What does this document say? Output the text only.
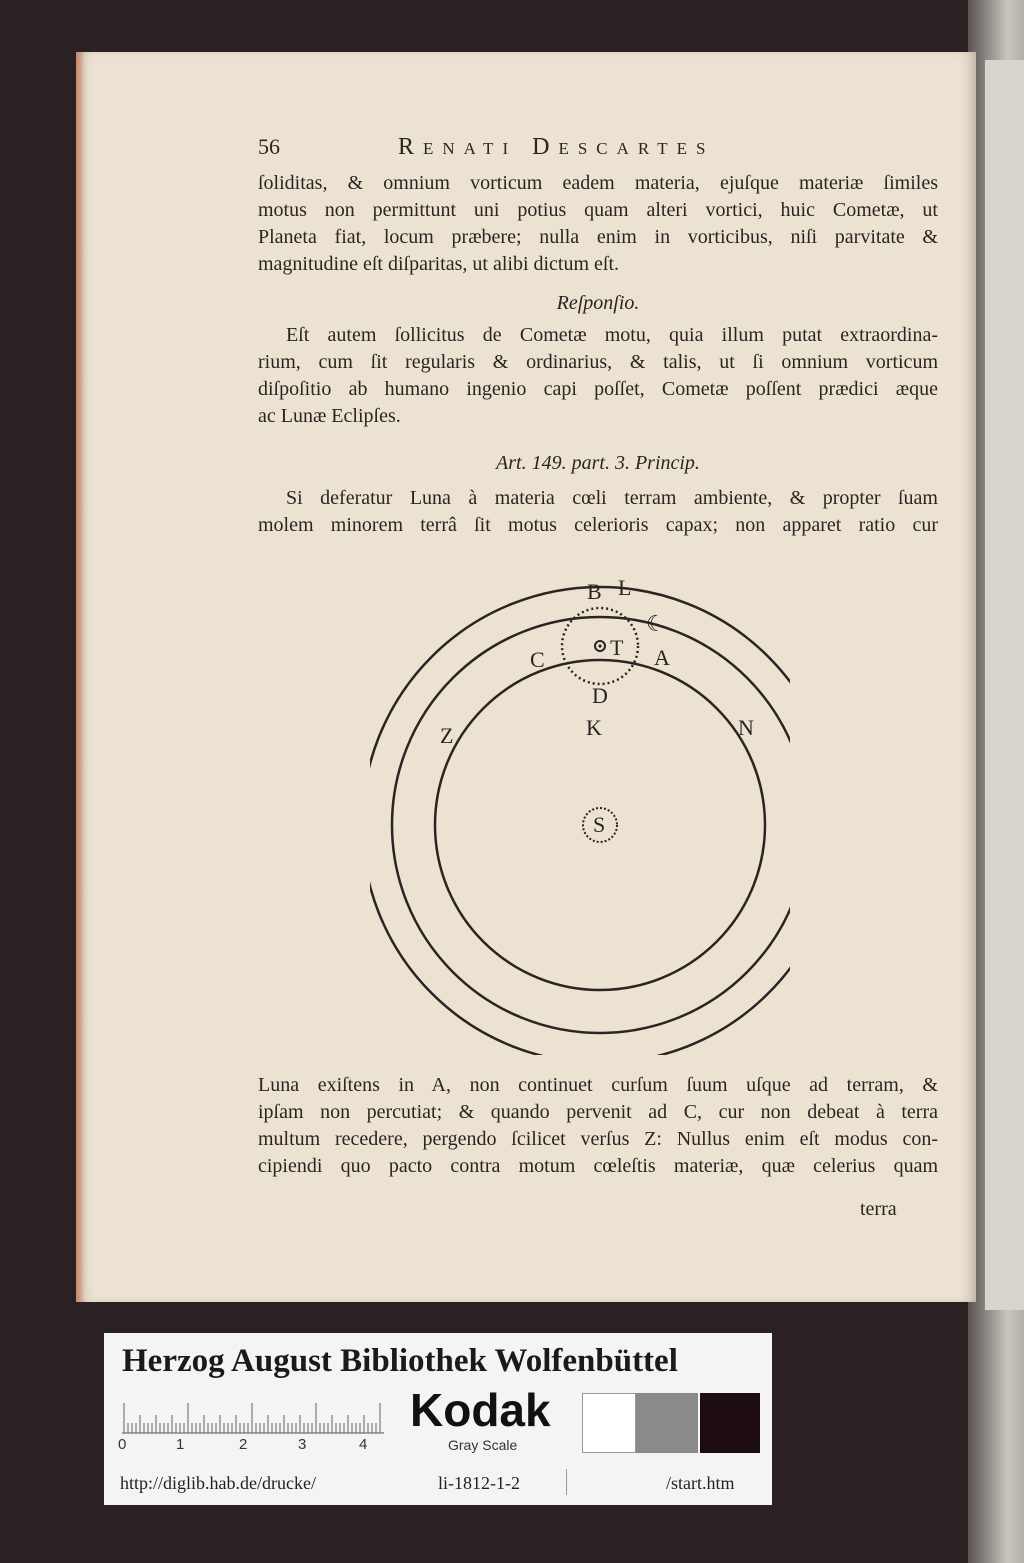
56	Renati Descartes
ſoliditas, & omnium vorticum eadem materia, ejuſque materiæ ſimiles
motus non permittunt uni potius quam alteri vortici, huic Cometæ, ut
Planeta fiat, locum præbere; nulla enim in vorticibus, niſi parvitate &
magnitudine eſt diſparitas, ut alibi dictum eſt.
Reſponſio.
Eſt autem ſollicitus de Cometæ motu, quia illum putat extraordina-
rium, cum ſit regularis & ordinarius, & talis, ut ſi omnium vorticum
diſpoſitio ab humano ingenio capi poſſet, Cometæ poſſent prædici æque
ac Lunæ Eclipſes.
Art. 149. part. 3. Princip.
Si deferatur Luna à materia cœli terram ambiente, & propter ſuam
molem minorem terrâ ſit motus celerioris capax; non apparet ratio cur
B L
☾
T
C	A
D
K
Z	N
S
Luna exiſtens in A, non continuet curſum ſuum uſque ad terram, &
ipſam non percutiat; & quando pervenit ad C, cur non debeat à terra
multum recedere, pergendo ſcilicet verſus Z: Nullus enim eſt modus con-
cipiendi quo pacto contra motum cœleſtis materiæ, quæ celerius quam
terra
Herzog August Bibliothek Wolfenbüttel
0	1	2	3	4
Kodak
Gray Scale
http://diglib.hab.de/drucke/	li-1812-1-2	/start.htm
